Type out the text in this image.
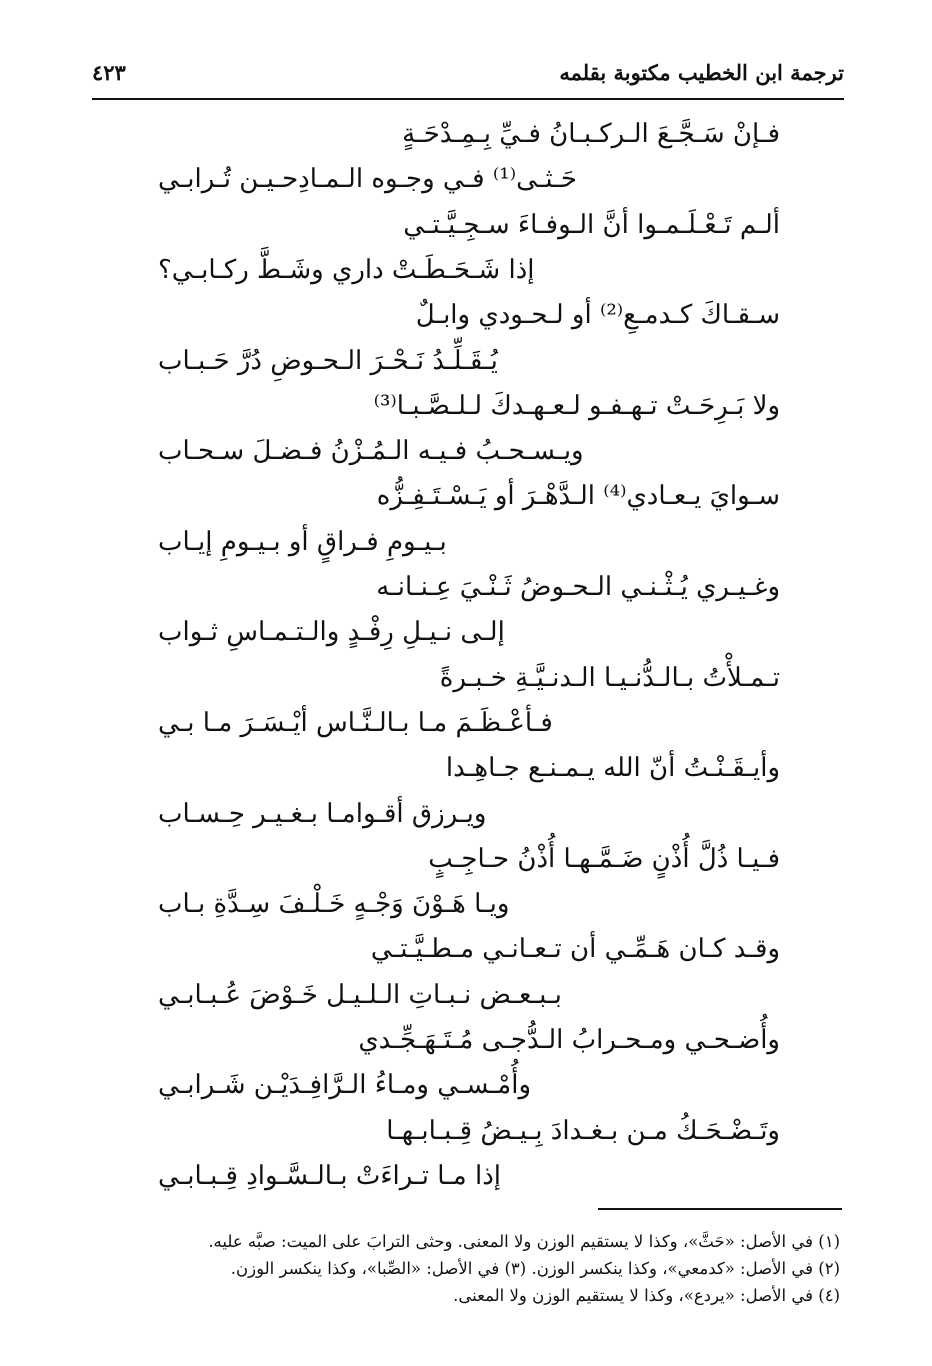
ترجمة ابن الخطيب مكتوبة بقلمه
٤٢٣
فـإنْ سَـجَّـعَ الـركـبـانُ فـيِّ بِـمِـدْحَـةٍ
حَـثـى⁽¹⁾ فـي وجـوه الـمـادِحـيـن تُـرابـي
ألـم تَـعْـلَـمـوا أنَّ الـوفـاءَ سـجِـيَّـتـي
إذا شَـحَـطَـتْ داري وشَـطَّ ركـابـي؟
سـقـاكَ كـدمـعِ⁽²⁾ أو لـحـودي وابـلٌ
يُـقَـلِّـدُ نَـحْـرَ الـحـوضِ دُرَّ حَـبـاب
ولا بَـرِحَـتْ تـهـفـو لـعـهـدكَ لـلـصَّـبـا⁽³⁾
ويـسـحـبُ فـيـه الـمُـزْنُ فـضـلَ سـحـاب
سـوايَ يـعـادي⁽⁴⁾ الـدَّهْـرَ أو يَـسْـتَـفِـزُّه
بـيـومِ فـراقٍ أو بـيـومِ إيـاب
وغـيـري يُـثْـنـي الـحـوضُ ثَـنْـيَ عِـنـانـه
إلـى نـيـلِ رِفْـدٍ والـتـمـاسِ ثـواب
تـمـلأْتُ بـالـدُّنـيـا الـدنـيَّـةِ خـبـرةً
فـأعْـظَـمَ مـا بـالـنَّـاس أيْـسَـرَ مـا بـي
وأيـقَـنْـتُ أنّ الله يـمـنـع جـاهِـدا
ويـرزق أقـوامـا بـغـيـر حِـسـاب
فـيـا ذُلَّ أُذْنٍ ضَـمَّـهـا أُذْنُ حـاجِـبٍ
ويـا هَـوْنَ وَجْـهٍ خَـلْـفَ سِـدَّةِ بـاب
وقـد كـان هَـمِّـي أن تـعـانـي مـطـيَّـتـي
بـبـعـض نـبـاتِ الـلـيـل خَـوْضَ عُـبـابـي
وأُضـحـي ومـحـرابُ الـدُّجـى مُـتَـهَـجِّـدي
وأُمْـسـي ومـاءُ الـرَّافِـدَيْـن شَـرابـي
وتَـضْـحَـكُ مـن بـغـدادَ بِـيـضُ قِـبـابـهـا
إذا مـا تـراءَتْ بـالـسَّـوادِ قِـبـابـي
(١) في الأصل: «حَثَّ»، وكذا لا يستقيم الوزن ولا المعنى. وحثى الترابَ على الميت: صبَّه عليه.
(٢) في الأصل: «كدمعي»، وكذا ينكسر الوزن. (٣) في الأصل: «الصِّبا»، وكذا ينكسر الوزن.
(٤) في الأصل: «يردع»، وكذا لا يستقيم الوزن ولا المعنى.
